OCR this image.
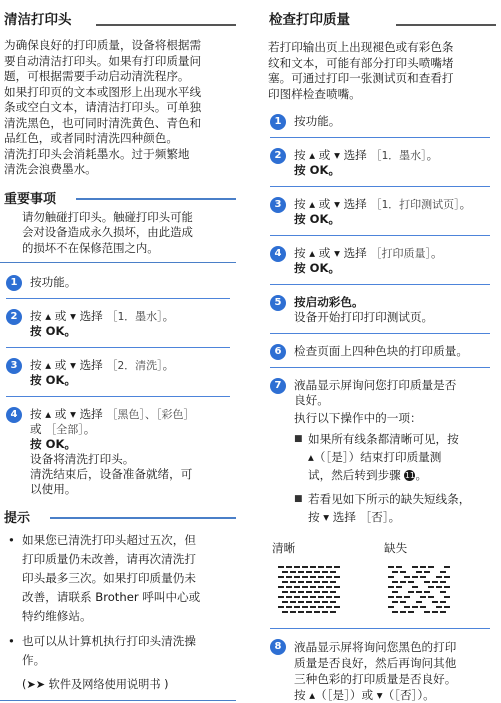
清洁打印头
为确保良好的打印质量，设备将根据需
要自动清洁打印头。如果有打印质量问
题，可根据需要手动启动清洗程序。
如果打印页的文本或图形上出现水平线
条或空白文本，请清洁打印头。可单独
清洗黑色，也可同时清洗黄色、青色和
品红色，或者同时清洗四种颜色。
清洗打印头会消耗墨水。过于频繁地
清洗会浪费墨水。
重要事项
请勿触碰打印头。触碰打印头可能
会对设备造成永久损坏，由此造成
的损坏不在保修范围之内。
1	按功能。
2	按 ▴ 或 ▾ 选择 ［1．墨水］。
按 OK。
3	按 ▴ 或 ▾ 选择 ［2．清洗］。
按 OK。
4	按 ▴ 或 ▾ 选择 ［黑色］、［彩色］
或 ［全部］。
按 OK。
设备将清洗打印头。
清洗结束后，设备准备就绪，可
以使用。
提示
• 如果您已清洗打印头超过五次，但
打印质量仍未改善，请再次清洗打
印头最多三次。如果打印质量仍未
改善，请联系 Brother 呼叫中心或
特约维修站。
• 也可以从计算机执行打印头清洗操
作。
(➤➤ 软件及网络使用说明书 )
检查打印质量
若打印输出页上出现褪色或有彩色条
纹和文本，可能有部分打印头喷嘴堵
塞。可通过打印一张测试页和查看打
印图样检查喷嘴。
1	按功能。
2	按 ▴ 或 ▾ 选择 ［1．墨水］。
按 OK。
3	按 ▴ 或 ▾ 选择 ［1．打印测试页］。
按 OK。
4	按 ▴ 或 ▾ 选择 ［打印质量］。
按 OK。
5	按启动彩色。
设备开始打印打印测试页。
6	检查页面上四种色块的打印质量。
7	液晶显示屏询问您打印质量是否
良好。
执行以下操作中的一项：
■ 如果所有线条都清晰可见，按
▴（［是］）结束打印质量测
试，然后转到步骤 11。
■ 若看见如下所示的缺失短线条，
按 ▾ 选择 ［否］。
清晰	缺失
8	液晶显示屏将询问您黑色的打印
质量是否良好，然后再询问其他
三种色彩的打印质量是否良好。
按 ▴（［是］）或 ▾（［否］）。
